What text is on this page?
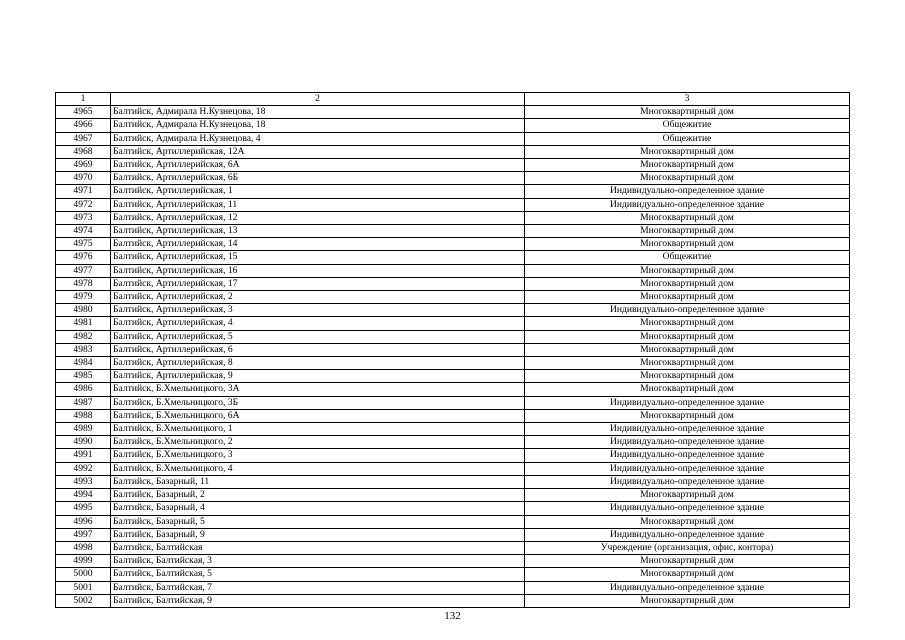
1	2	3
4965	Балтийск, Адмирала Н.Кузнецова, 18	Многоквартирный дом
4966	Балтийск, Адмирала Н.Кузнецова, 18	Общежитие
4967	Балтийск, Адмирала Н.Кузнецова, 4	Общежитие
4968	Балтийск, Артиллерийская, 12А	Многоквартирный дом
4969	Балтийск, Артиллерийская, 6А	Многоквартирный дом
4970	Балтийск, Артиллерийская, 6Б	Многоквартирный дом
4971	Балтийск, Артиллерийская, 1	Индивидуально-определенное здание
4972	Балтийск, Артиллерийская, 11	Индивидуально-определенное здание
4973	Балтийск, Артиллерийская, 12	Многоквартирный дом
4974	Балтийск, Артиллерийская, 13	Многоквартирный дом
4975	Балтийск, Артиллерийская, 14	Многоквартирный дом
4976	Балтийск, Артиллерийская, 15	Общежитие
4977	Балтийск, Артиллерийская, 16	Многоквартирный дом
4978	Балтийск, Артиллерийская, 17	Многоквартирный дом
4979	Балтийск, Артиллерийская, 2	Многоквартирный дом
4980	Балтийск, Артиллерийская, 3	Индивидуально-определенное здание
4981	Балтийск, Артиллерийская, 4	Многоквартирный дом
4982	Балтийск, Артиллерийская, 5	Многоквартирный дом
4983	Балтийск, Артиллерийская, 6	Многоквартирный дом
4984	Балтийск, Артиллерийская, 8	Многоквартирный дом
4985	Балтийск, Артиллерийская, 9	Многоквартирный дом
4986	Балтийск, Б.Хмельницкого, 3А	Многоквартирный дом
4987	Балтийск, Б.Хмельницкого, 3Б	Индивидуально-определенное здание
4988	Балтийск, Б.Хмельницкого, 6А	Многоквартирный дом
4989	Балтийск, Б.Хмельницкого, 1	Индивидуально-определенное здание
4990	Балтийск, Б.Хмельницкого, 2	Индивидуально-определенное здание
4991	Балтийск, Б.Хмельницкого, 3	Индивидуально-определенное здание
4992	Балтийск, Б.Хмельницкого, 4	Индивидуально-определенное здание
4993	Балтийск, Базарный, 11	Индивидуально-определенное здание
4994	Балтийск, Базарный, 2	Многоквартирный дом
4995	Балтийск, Базарный, 4	Индивидуально-определенное здание
4996	Балтийск, Базарный, 5	Многоквартирный дом
4997	Балтийск, Базарный, 9	Индивидуально-определенное здание
4998	Балтийск, Балтийская	Учреждение (организация, офис, контора)
4999	Балтийск, Балтийская, 3	Многоквартирный дом
5000	Балтийск, Балтийская, 5	Многоквартирный дом
5001	Балтийск, Балтийская, 7	Индивидуально-определенное здание
5002	Балтийск, Балтийская, 9	Многоквартирный дом
132
